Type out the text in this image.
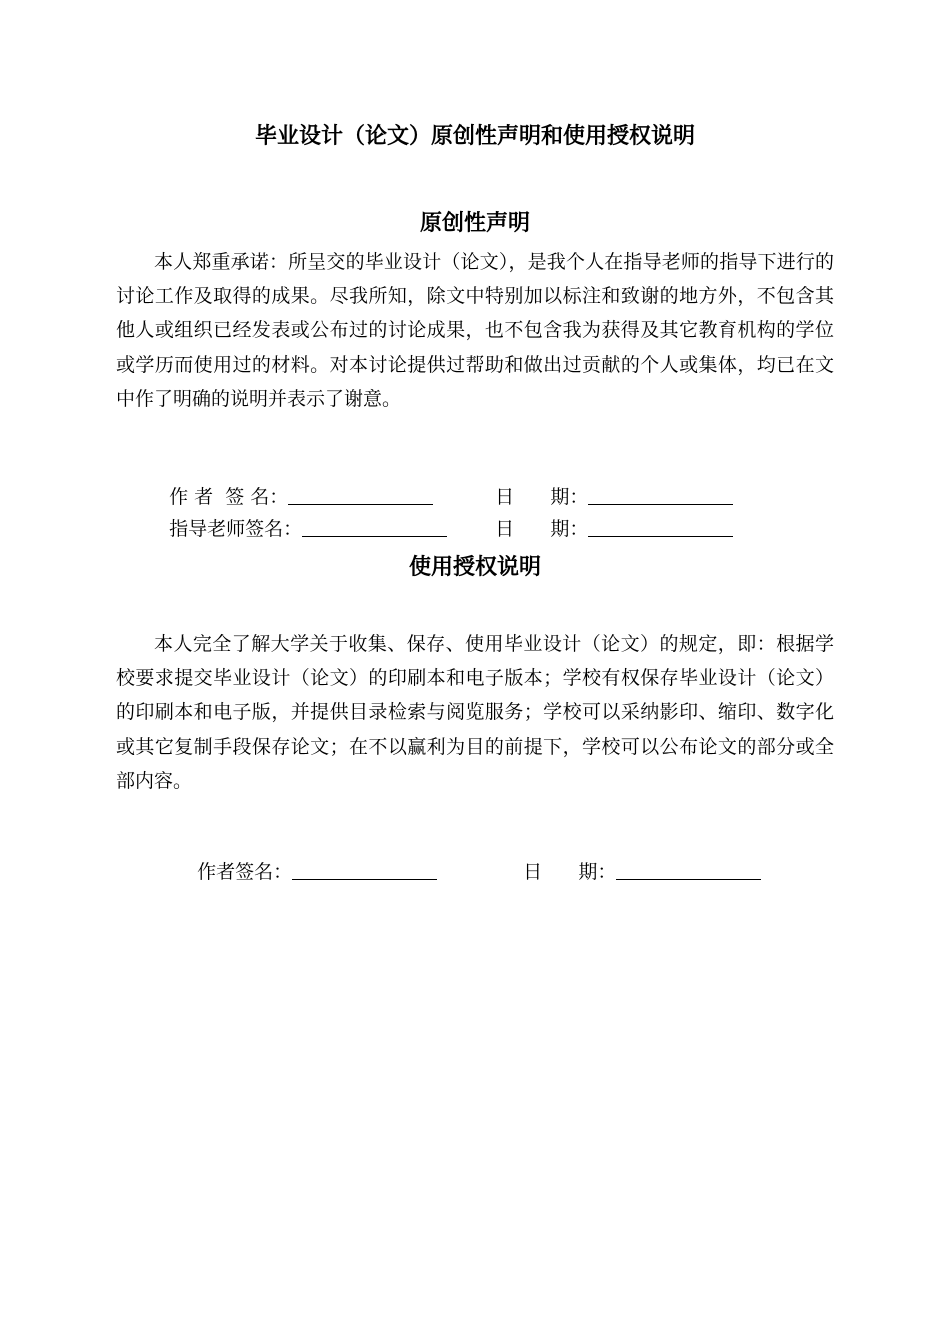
毕业设计（论文）原创性声明和使用授权说明
原创性声明

本人郑重承诺：所呈交的毕业设计（论文），是我个人在指导老师的指导下进行的讨论工作及取得的成果。尽我所知，除文中特别加以标注和致谢的地方外，不包含其他人或组织已经发表或公布过的讨论成果，也不包含我为获得及其它教育机构的学位或学历而使用过的材料。对本讨论提供过帮助和做出过贡献的个人或集体，均已在文中作了明确的说明并表示了谢意。

作 者  签 名：	日      期：

指导老师签名：	日      期：

使用授权说明

本人完全了解大学关于收集、保存、使用毕业设计（论文）的规定，即：根据学校要求提交毕业设计（论文）的印刷本和电子版本；学校有权保存毕业设计（论文）的印刷本和电子版，并提供目录检索与阅览服务；学校可以采纳影印、缩印、数字化或其它复制手段保存论文；在不以赢利为目的前提下，学校可以公布论文的部分或全部内容。

作者签名：	日      期：
